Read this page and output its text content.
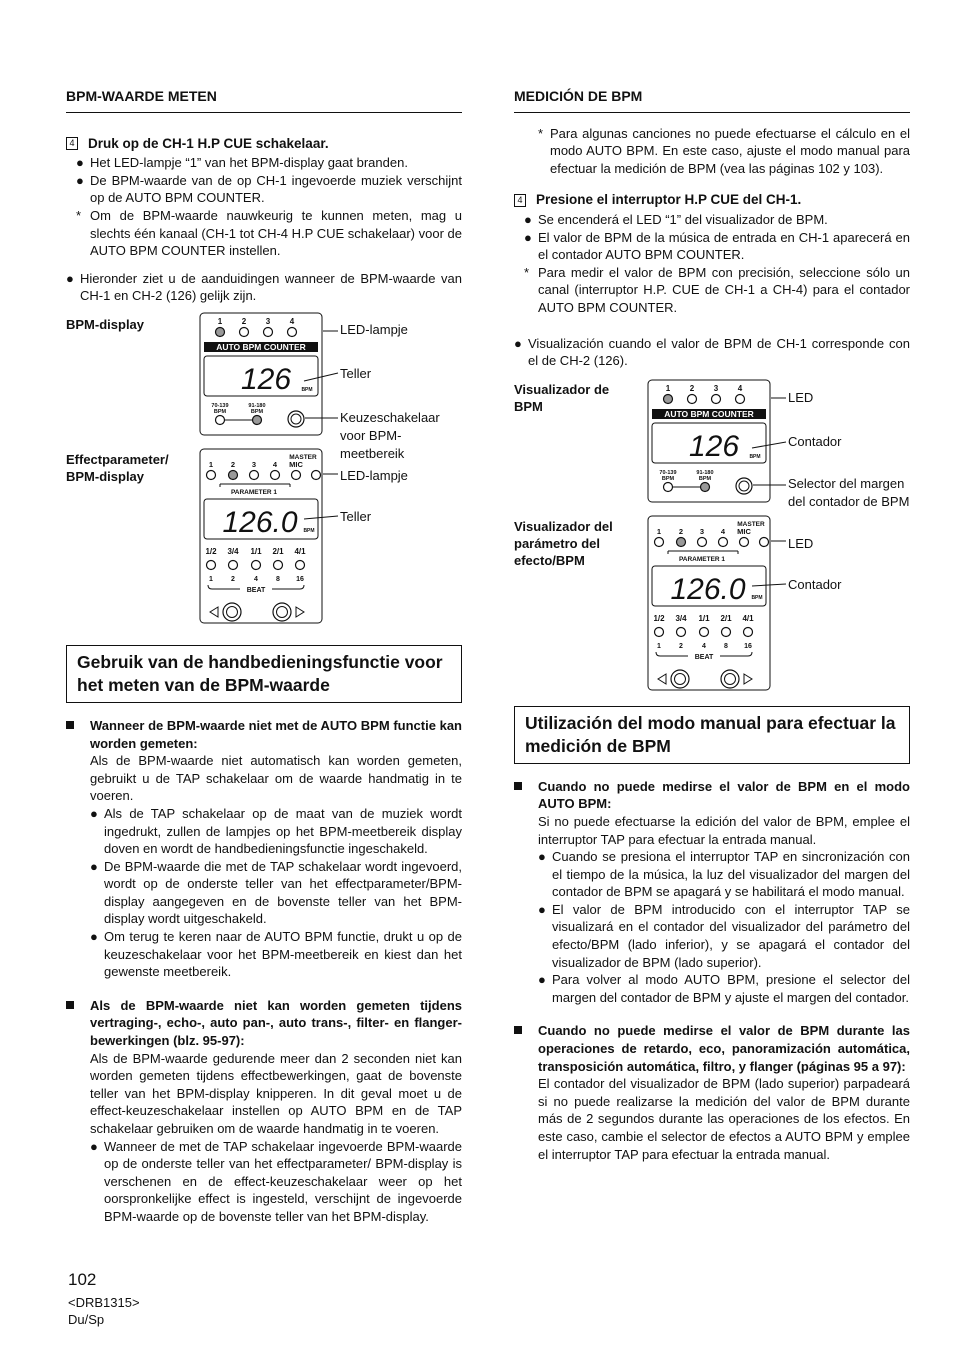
BPM-WAARDE METEN
4 Druk op de CH-1 H.P CUE schakelaar.
● Het LED-lampje “1” van het BPM-display gaat branden.
● De BPM-waarde van de op CH-1 ingevoerde muziek verschijnt op de AUTO BPM COUNTER.
* Om de BPM-waarde nauwkeurig te kunnen meten, mag u slechts één kanaal (CH-1 tot CH-4 H.P CUE schakelaar) voor de AUTO BPM COUNTER instellen.
● Hieronder ziet u de aanduidingen wanneer de BPM-waarde van CH-1 en CH-2 (126) gelijk zijn.
BPM-display
Effectparameter/ BPM-display
1 2 3 4
AUTO BPM COUNTER
126 BPM
70-139
BPM
91-180
BPM
MASTER
1 2 3 4 MIC
PARAMETER 1
126.0 BPM
1/2
1
3/4
2
1/1
4
2/1
8
4/1
16
BEAT
LED-lampje
Teller
Keuzeschakelaar voor BPM-meetbereik
LED-lampje
Teller
Gebruik van de handbedieningsfunctie voor het meten van de BPM-waarde
Wanneer de BPM-waarde niet met de AUTO BPM functie kan worden gemeten:
Als de BPM-waarde niet automatisch kan worden gemeten, gebruikt u de TAP schakelaar om de waarde handmatig in te voeren.
● Als de TAP schakelaar op de maat van de muziek wordt ingedrukt, zullen de lampjes op het BPM-meetbereik display doven en wordt de handbedieningsfunctie ingeschakeld.
● De BPM-waarde die met de TAP schakelaar wordt ingevoerd, wordt op de onderste teller van het effectparameter/BPM-display aangegeven en de bovenste teller van het BPM-display wordt uitgeschakeld.
● Om terug te keren naar de AUTO BPM functie, drukt u op de keuzeschakelaar voor het BPM-meetbereik en kiest dan het gewenste meetbereik.
Als de BPM-waarde niet kan worden gemeten tijdens vertraging-, echo-, auto pan-, auto trans-, filter- en flanger-bewerkingen (blz. 95-97):
Als de BPM-waarde gedurende meer dan 2 seconden niet kan worden gemeten tijdens effectbewerkingen, gaat de bovenste teller van het BPM-display knipperen. In dit geval moet u de effect-keuzeschakelaar instellen op AUTO BPM en de TAP schakelaar gebruiken om de waarde handmatig in te voeren.
● Wanneer de met de TAP schakelaar ingevoerde BPM-waarde op de onderste teller van het effectparameter/ BPM-display is verschenen en de effect-keuzeschakelaar weer op het oorspronkelijke effect is ingesteld, verschijnt de ingevoerde BPM-waarde op de bovenste teller van het BPM-display.
MEDICIÓN DE BPM
* Para algunas canciones no puede efectuarse el cálculo en el modo AUTO BPM. En este caso, ajuste el modo manual para efectuar la medición de BPM (vea las páginas 102 y 103).
4 Presione el interruptor H.P CUE del CH-1.
● Se encenderá el LED “1” del visualizador de BPM.
● El valor de BPM de la música de entrada en CH-1 aparecerá en el contador AUTO BPM COUNTER.
* Para medir el valor de BPM con precisión, seleccione sólo un canal (interruptor H.P. CUE de CH-1 a CH-4) para el contador AUTO BPM COUNTER.
● Visualización cuando el valor de BPM de CH-1 corresponde con el de CH-2 (126).
Visualizador de BPM
Visualizador del parámetro del efecto/BPM
1 2 3 4
AUTO BPM COUNTER
126 BPM
70-139
BPM
91-180
BPM
MASTER
1 2 3 4 MIC
PARAMETER 1
126.0 BPM
1/2
1
3/4
2
1/1
4
2/1
8
4/1
16
BEAT
LED
Contador
Selector del margen del contador de BPM
LED
Contador
Utilización del modo manual para efectuar la medición de BPM
Cuando no puede medirse el valor de BPM en el modo AUTO BPM:
Si no puede efectuarse la edición del valor de BPM, emplee el interruptor TAP para efectuar la entrada manual.
● Cuando se presiona el interruptor TAP en sincronización con el tiempo de la música, la luz del visualizador del margen del contador de BPM se apagará y se habilitará el modo manual.
● El valor de BPM introducido con el interruptor TAP se visualizará en el contador del visualizador del parámetro del efecto/BPM (lado inferior), y se apagará el contador del visualizador de BPM (lado superior).
● Para volver al modo AUTO BPM, presione el selector del margen del contador de BPM y ajuste el margen del contador.
Cuando no puede medirse el valor de BPM durante las operaciones de retardo, eco, panoramización automática, transposición automática, filtro, y flanger (páginas 95 a 97):
El contador del visualizador de BPM (lado superior) parpadeará si no puede realizarse la medición del valor de BPM durante más de 2 segundos durante las operaciones de los efectos. En este caso, cambie el selector de efectos a AUTO BPM y emplee el interruptor TAP para efectuar la entrada manual.
102
<DRB1315>
Du/Sp
